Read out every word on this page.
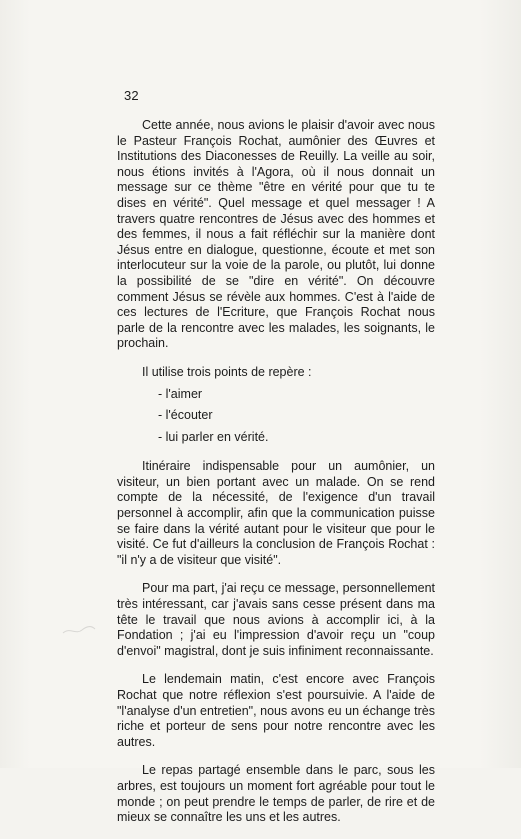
32

Cette année, nous avions le plaisir d'avoir avec nous le Pasteur François Rochat, aumônier des Œuvres et Institutions des Diaconesses de Reuilly. La veille au soir, nous étions invités à l'Agora, où il nous donnait un message sur ce thème "être en vérité pour que tu te dises en vérité". Quel message et quel messager ! A travers quatre rencontres de Jésus avec des hommes et des femmes, il nous a fait réfléchir sur la manière dont Jésus entre en dialogue, questionne, écoute et met son interlocuteur sur la voie de la parole, ou plutôt, lui donne la possibilité de se "dire en vérité". On découvre comment Jésus se révèle aux hommes. C'est à l'aide de ces lectures de l'Ecriture, que François Rochat nous parle de la rencontre avec les malades, les soignants, le prochain.

Il utilise trois points de repère :

- l'aimer
- l'écouter
- lui parler en vérité.

Itinéraire indispensable pour un aumônier, un visiteur, un bien portant avec un malade. On se rend compte de la nécessité, de l'exigence d'un travail personnel à accomplir, afin que la communication puisse se faire dans la vérité autant pour le visiteur que pour le visité. Ce fut d'ailleurs la conclusion de François Rochat : "il n'y a de visiteur que visité".

Pour ma part, j'ai reçu ce message, personnellement très intéressant, car j'avais sans cesse présent dans ma tête le travail que nous avions à accomplir ici, à la Fondation ; j'ai eu l'impression d'avoir reçu un "coup d'envoi" magistral, dont je suis infiniment reconnaissante.

Le lendemain matin, c'est encore avec François Rochat que notre réflexion s'est poursuivie. A l'aide de "l'analyse d'un entretien", nous avons eu un échange très riche et porteur de sens pour notre rencontre avec les autres.

Le repas partagé ensemble dans le parc, sous les arbres, est toujours un moment fort agréable pour tout le monde ; on peut prendre le temps de parler, de rire et de mieux se connaître les uns et les autres.
